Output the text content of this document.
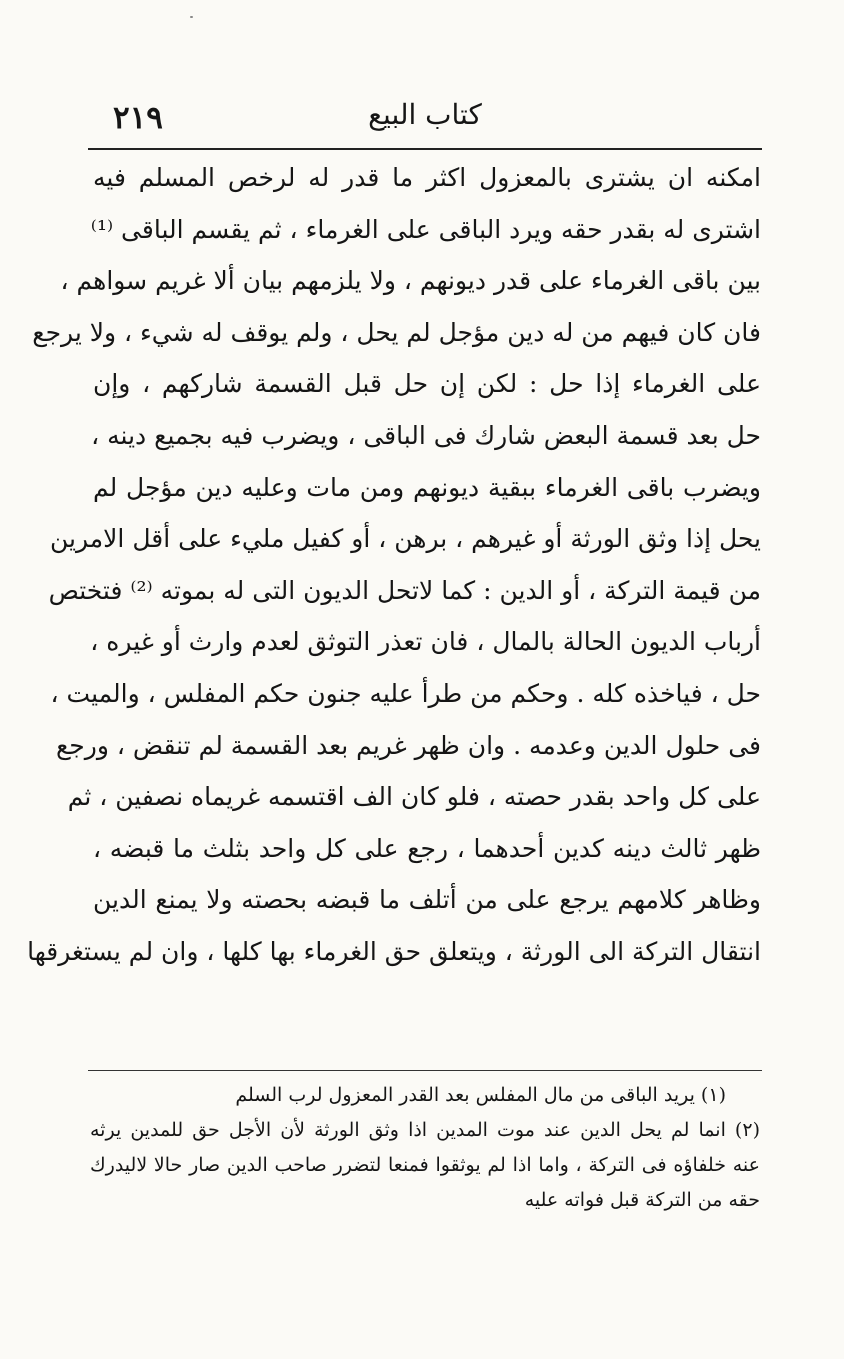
٢١٩	كتاب البيع
امكنه ان يشترى بالمعزول اكثر ما قدر له لرخص المسلم فيه
اشترى له بقدر حقه ويرد الباقى على الغرماء ، ثم يقسم الباقى ⁽¹⁾
بين باقى الغرماء على قدر ديونهم ، ولا يلزمهم بيان ألا غريم سواهم ،
فان كان فيهم من له دين مؤجل لم يحل ، ولم يوقف له شيء ، ولا يرجع
على الغرماء إذا حل : لكن إن حل قبل القسمة شاركهم ، وإن
حل بعد قسمة البعض شارك فى الباقى ، ويضرب فيه بجميع دينه ،
ويضرب باقى الغرماء ببقية ديونهم ومن مات وعليه دين مؤجل لم
يحل إذا وثق الورثة أو غيرهم ، برهن ، أو كفيل مليء على أقل الامرين
من قيمة التركة ، أو الدين : كما لاتحل الديون التى له بموته ⁽²⁾ فتختص
أرباب الديون الحالة بالمال ، فان تعذر التوثق لعدم وارث أو غيره ،
حل ، فياخذه كله . وحكم من طرأ عليه جنون حكم المفلس ، والميت ،
فى حلول الدين وعدمه . وان ظهر غريم بعد القسمة لم تنقض ، ورجع
على كل واحد بقدر حصته ، فلو كان الف اقتسمه غريماه نصفين ، ثم
ظهر ثالث دينه كدين أحدهما ، رجع على كل واحد بثلث ما قبضه ،
وظاهر كلامهم يرجع على من أتلف ما قبضه بحصته ولا يمنع الدين
انتقال التركة الى الورثة ، ويتعلق حق الغرماء بها كلها ، وان لم يستغرقها
(١) يريد الباقى من مال المفلس بعد القدر المعزول لرب السلم
(٢) انما لم يحل الدين عند موت المدين اذا وثق الورثة لأن الأجل حق للمدين يرثه
عنه خلفاؤه فى التركة ، واما اذا لم يوثقوا فمنعا لتضرر صاحب الدين صار حالا لاليدرك
حقه من التركة قبل فواته عليه
